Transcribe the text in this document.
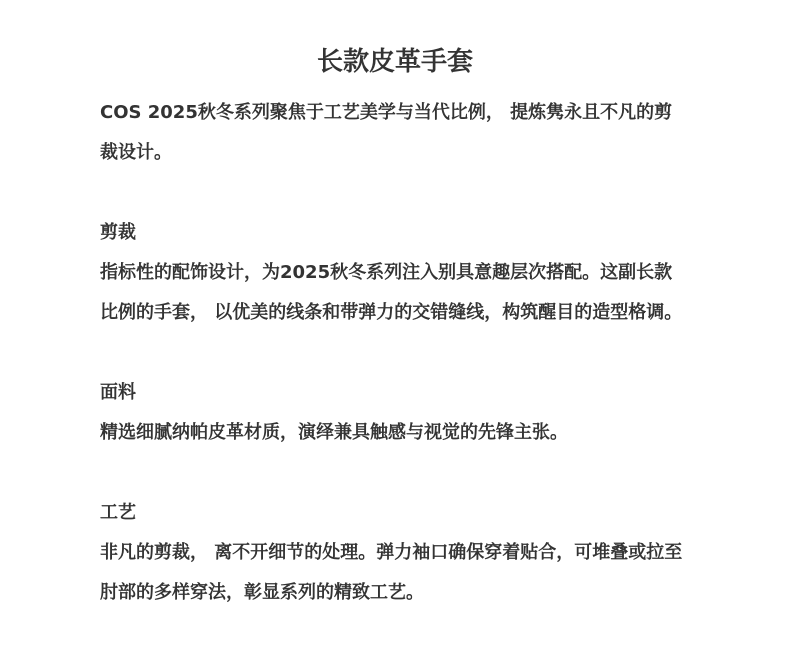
长款皮革手套

COS 2025秋冬系列聚焦于工艺美学与当代比例， 提炼隽永且不凡的剪裁设计。

剪裁

指标性的配饰设计，为2025秋冬系列注入别具意趣层次搭配。这副长款比例的手套， 以优美的线条和带弹力的交错缝线，构筑醒目的造型格调。

面料

精选细腻纳帕皮革材质，演绎兼具触感与视觉的先锋主张。

工艺

非凡的剪裁， 离不开细节的处理。弹力袖口确保穿着贴合，可堆叠或拉至肘部的多样穿法，彰显系列的精致工艺。
